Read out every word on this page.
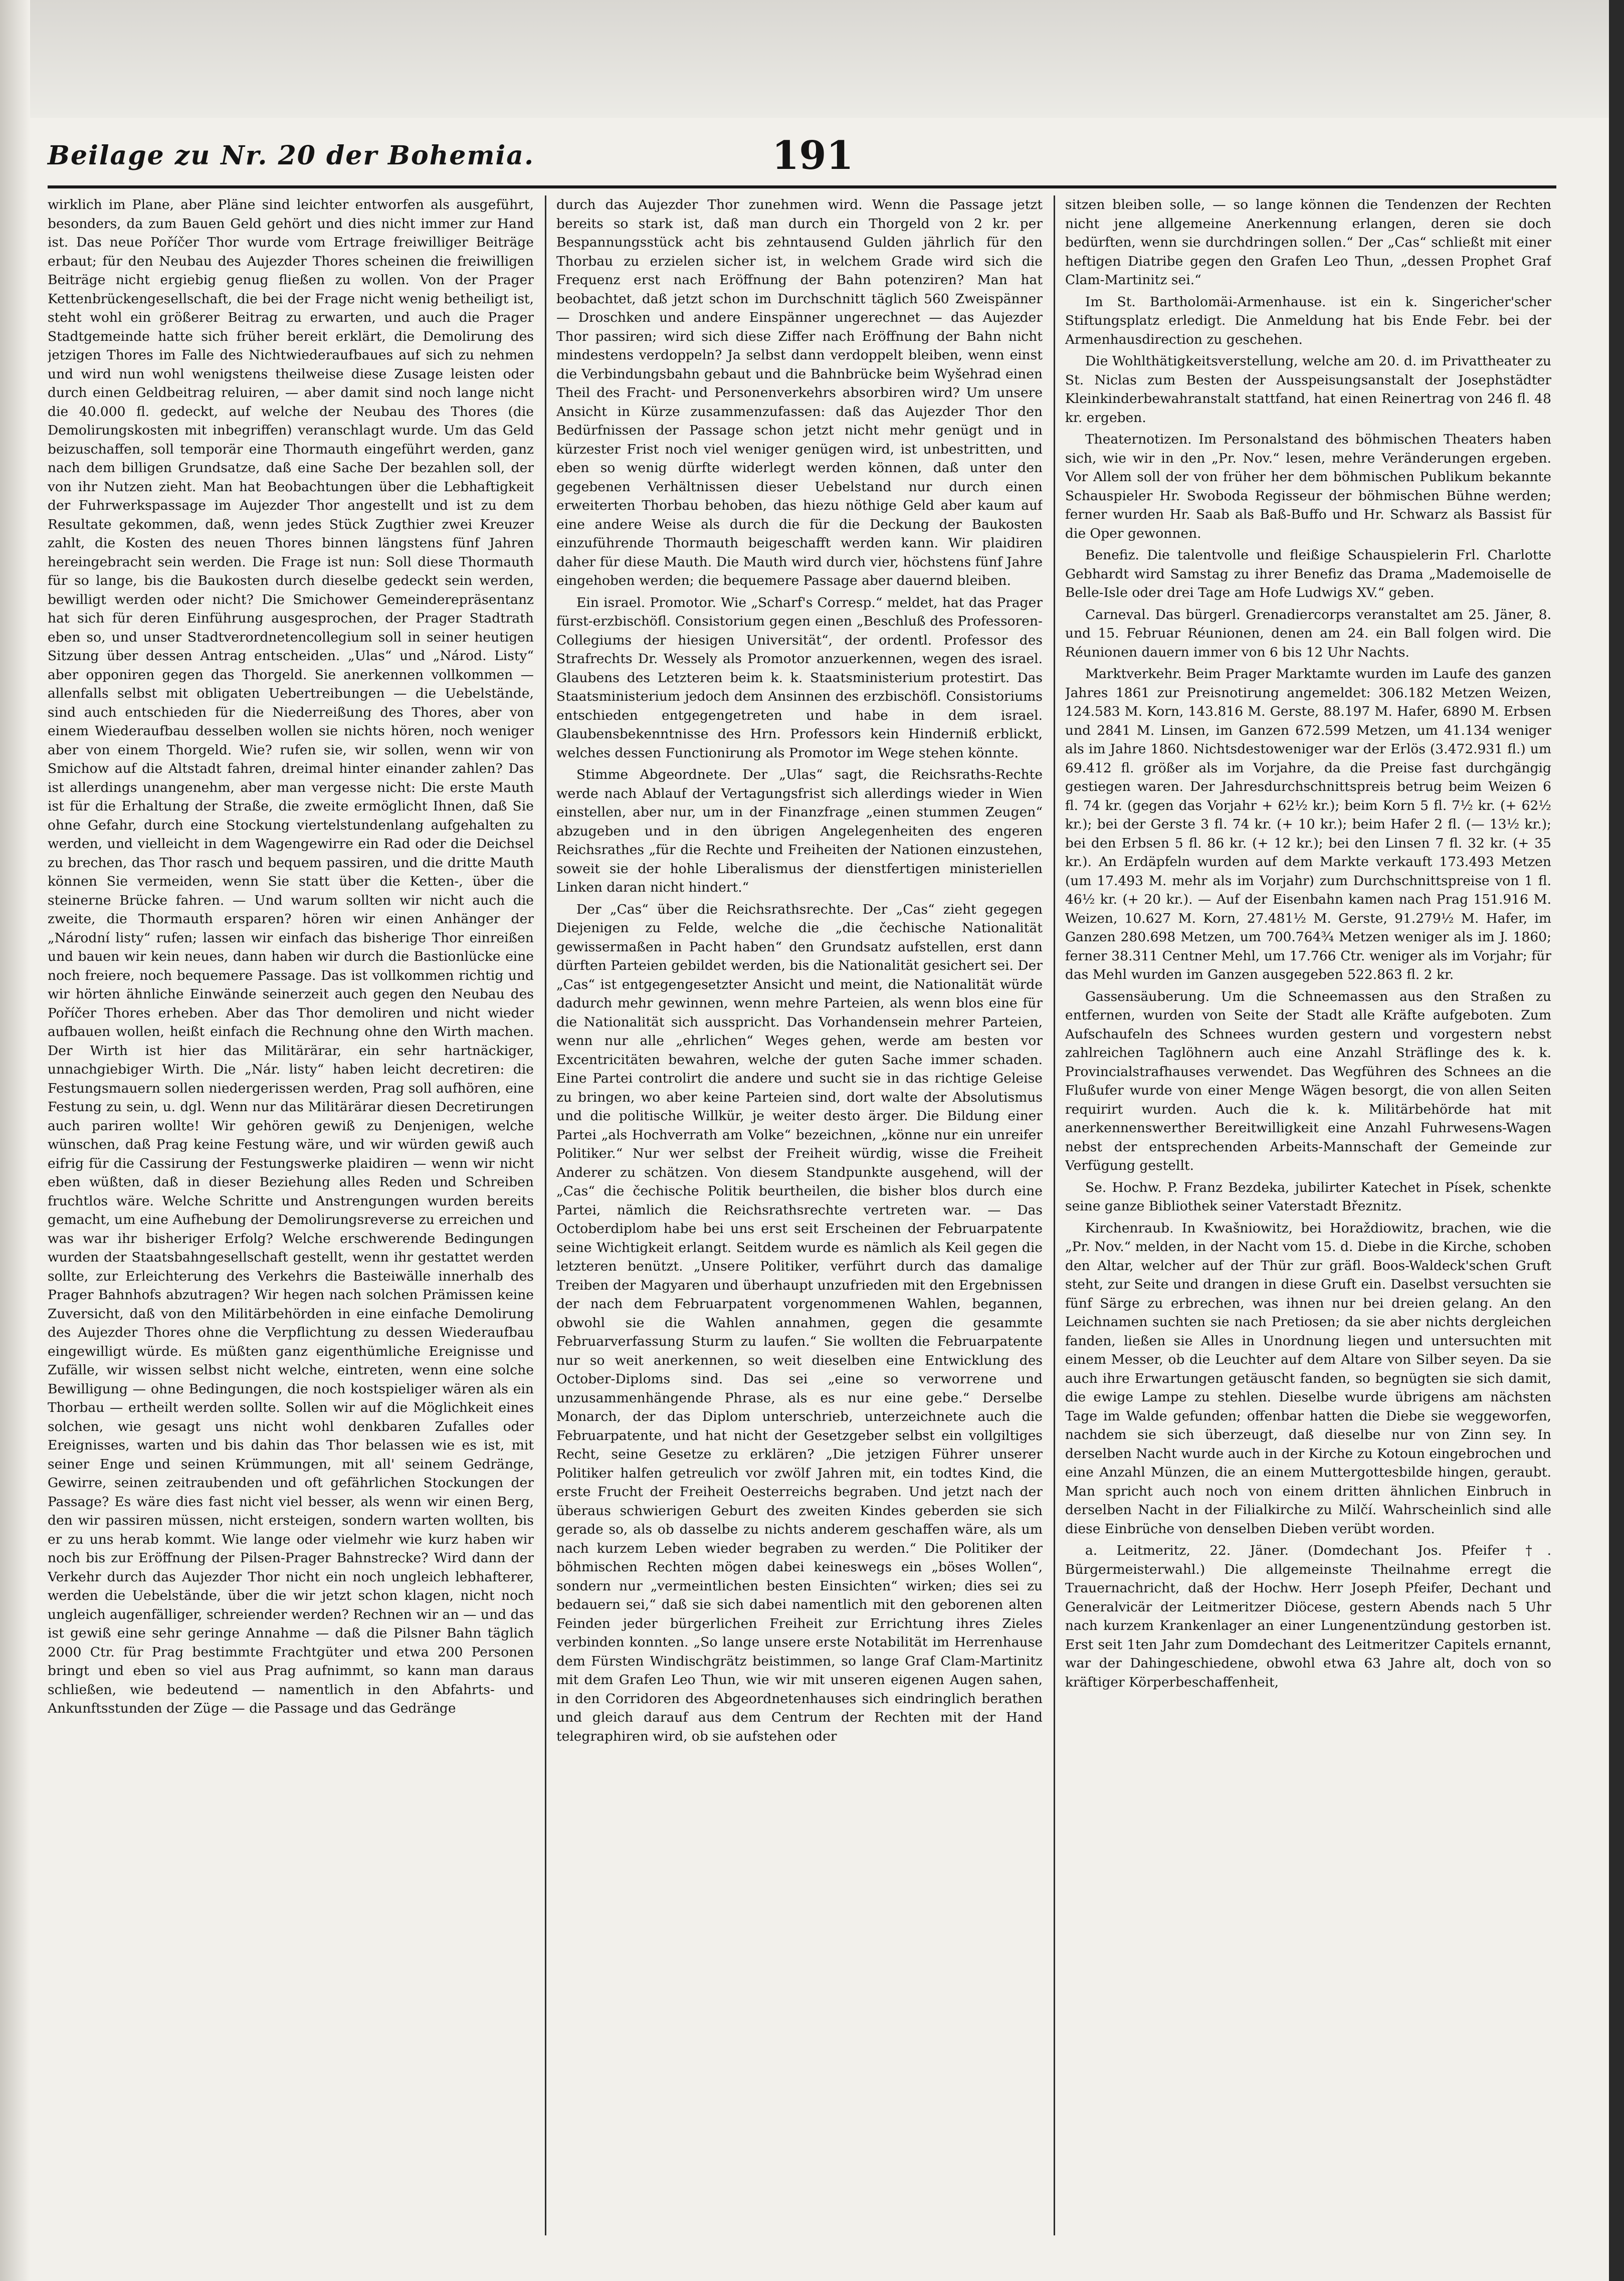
Beilage zu Nr. 20 der Bohemia.	191

wirklich im Plane, aber Pläne sind leichter entworfen als ausgeführt, besonders, da zum Bauen Geld gehört und dies nicht immer zur Hand ist. Das neue Poříčer Thor wurde vom Ertrage freiwilliger Beiträge erbaut; für den Neubau des Aujezder Thores scheinen die freiwilligen Beiträge nicht ergiebig genug fließen zu wollen. Von der Prager Kettenbrückengesellschaft, die bei der Frage nicht wenig betheiligt ist, steht wohl ein größerer Beitrag zu erwarten, und auch die Prager Stadtgemeinde hatte sich früher bereit erklärt, die Demolirung des jetzigen Thores im Falle des Nichtwiederaufbaues auf sich zu nehmen und wird nun wohl wenigstens theilweise diese Zusage leisten oder durch einen Geldbeitrag reluiren, — aber damit sind noch lange nicht die 40.000 fl. gedeckt, auf welche der Neubau des Thores (die Demolirungskosten mit inbegriffen) veranschlagt wurde. Um das Geld beizuschaffen, soll temporär eine Thormauth eingeführt werden, ganz nach dem billigen Grundsatze, daß eine Sache Der bezahlen soll, der von ihr Nutzen zieht. Man hat Beobachtungen über die Lebhaftigkeit der Fuhrwerkspassage im Aujezder Thor angestellt und ist zu dem Resultate gekommen, daß, wenn jedes Stück Zugthier zwei Kreuzer zahlt, die Kosten des neuen Thores binnen längstens fünf Jahren hereingebracht sein werden. Die Frage ist nun: Soll diese Thormauth für so lange, bis die Baukosten durch dieselbe gedeckt sein werden, bewilligt werden oder nicht? Die Smichower Gemeinderepräsentanz hat sich für deren Einführung ausgesprochen, der Prager Stadtrath eben so, und unser Stadtverordnetencollegium soll in seiner heutigen Sitzung über dessen Antrag entscheiden. „Ulas“ und „Národ. Listy“ aber opponiren gegen das Thorgeld. Sie anerkennen vollkommen — allenfalls selbst mit obligaten Uebertreibungen — die Uebelstände, sind auch entschieden für die Niederreißung des Thores, aber von einem Wiederaufbau desselben wollen sie nichts hören, noch weniger aber von einem Thorgeld. Wie? rufen sie, wir sollen, wenn wir von Smichow auf die Altstadt fahren, dreimal hinter einander zahlen? Das ist allerdings unangenehm, aber man vergesse nicht: Die erste Mauth ist für die Erhaltung der Straße, die zweite ermöglicht Ihnen, daß Sie ohne Gefahr, durch eine Stockung viertelstundenlang aufgehalten zu werden, und vielleicht in dem Wagengewirre ein Rad oder die Deichsel zu brechen, das Thor rasch und bequem passiren, und die dritte Mauth können Sie vermeiden, wenn Sie statt über die Ketten-, über die steinerne Brücke fahren. — Und warum sollten wir nicht auch die zweite, die Thormauth ersparen? hören wir einen Anhänger der „Národní listy“ rufen; lassen wir einfach das bisherige Thor einreißen und bauen wir kein neues, dann haben wir durch die Bastionlücke eine noch freiere, noch bequemere Passage. Das ist vollkommen richtig und wir hörten ähnliche Einwände seinerzeit auch gegen den Neubau des Poříčer Thores erheben. Aber das Thor demoliren und nicht wieder aufbauen wollen, heißt einfach die Rechnung ohne den Wirth machen. Der Wirth ist hier das Militärärar, ein sehr hartnäckiger, unnachgiebiger Wirth. Die „Nár. listy“ haben leicht decretiren: die Festungsmauern sollen niedergerissen werden, Prag soll aufhören, eine Festung zu sein, u. dgl. Wenn nur das Militärärar diesen Decretirungen auch pariren wollte! Wir gehören gewiß zu Denjenigen, welche wünschen, daß Prag keine Festung wäre, und wir würden gewiß auch eifrig für die Cassirung der Festungswerke plaidiren — wenn wir nicht eben wüßten, daß in dieser Beziehung alles Reden und Schreiben fruchtlos wäre. Welche Schritte und Anstrengungen wurden bereits gemacht, um eine Aufhebung der Demolirungsreverse zu erreichen und was war ihr bisheriger Erfolg? Welche erschwerende Bedingungen wurden der Staatsbahngesellschaft gestellt, wenn ihr gestattet werden sollte, zur Erleichterung des Verkehrs die Basteiwälle innerhalb des Prager Bahnhofs abzutragen? Wir hegen nach solchen Prämissen keine Zuversicht, daß von den Militärbehörden in eine einfache Demolirung des Aujezder Thores ohne die Verpflichtung zu dessen Wiederaufbau eingewilligt würde. Es müßten ganz eigenthümliche Ereignisse und Zufälle, wir wissen selbst nicht welche, eintreten, wenn eine solche Bewilligung — ohne Bedingungen, die noch kostspieliger wären als ein Thorbau — ertheilt werden sollte. Sollen wir auf die Möglichkeit eines solchen, wie gesagt uns nicht wohl denkbaren Zufalles oder Ereignisses, warten und bis dahin das Thor belassen wie es ist, mit seiner Enge und seinen Krümmungen, mit all' seinem Gedränge, Gewirre, seinen zeitraubenden und oft gefährlichen Stockungen der Passage? Es wäre dies fast nicht viel besser, als wenn wir einen Berg, den wir passiren müssen, nicht ersteigen, sondern warten wollten, bis er zu uns herab kommt. Wie lange oder vielmehr wie kurz haben wir noch bis zur Eröffnung der Pilsen-Prager Bahnstrecke? Wird dann der Verkehr durch das Aujezder Thor nicht ein noch ungleich lebhafterer, werden die Uebelstände, über die wir jetzt schon klagen, nicht noch ungleich augenfälliger, schreiender werden? Rechnen wir an — und das ist gewiß eine sehr geringe Annahme — daß die Pilsner Bahn täglich 2000 Ctr. für Prag bestimmte Frachtgüter und etwa 200 Personen bringt und eben so viel aus Prag aufnimmt, so kann man daraus schließen, wie bedeutend — namentlich in den Abfahrts- und Ankunftsstunden der Züge — die Passage und das Gedränge

durch das Aujezder Thor zunehmen wird. Wenn die Passage jetzt bereits so stark ist, daß man durch ein Thorgeld von 2 kr. per Bespannungsstück acht bis zehntausend Gulden jährlich für den Thorbau zu erzielen sicher ist, in welchem Grade wird sich die Frequenz erst nach Eröffnung der Bahn potenziren? Man hat beobachtet, daß jetzt schon im Durchschnitt täglich 560 Zweispänner — Droschken und andere Einspänner ungerechnet — das Aujezder Thor passiren; wird sich diese Ziffer nach Eröffnung der Bahn nicht mindestens verdoppeln? Ja selbst dann verdoppelt bleiben, wenn einst die Verbindungsbahn gebaut und die Bahnbrücke beim Wyšehrad einen Theil des Fracht- und Personenverkehrs absorbiren wird? Um unsere Ansicht in Kürze zusammenzufassen: daß das Aujezder Thor den Bedürfnissen der Passage schon jetzt nicht mehr genügt und in kürzester Frist noch viel weniger genügen wird, ist unbestritten, und eben so wenig dürfte widerlegt werden können, daß unter den gegebenen Verhältnissen dieser Uebelstand nur durch einen erweiterten Thorbau behoben, das hiezu nöthige Geld aber kaum auf eine andere Weise als durch die für die Deckung der Baukosten einzuführende Thormauth beigeschafft werden kann. Wir plaidiren daher für diese Mauth. Die Mauth wird durch vier, höchstens fünf Jahre eingehoben werden; die bequemere Passage aber dauernd bleiben.

Ein israel. Promotor. Wie „Scharf's Corresp.“ meldet, hat das Prager fürst-erzbischöfl. Consistorium gegen einen „Beschluß des Professoren-Collegiums der hiesigen Universität“, der ordentl. Professor des Strafrechts Dr. Wessely als Promotor anzuerkennen, wegen des israel. Glaubens des Letzteren beim k. k. Staatsministerium protestirt. Das Staatsministerium jedoch dem Ansinnen des erzbischöfl. Consistoriums entschieden entgegengetreten und habe in dem israel. Glaubensbekenntnisse des Hrn. Professors kein Hinderniß erblickt, welches dessen Functionirung als Promotor im Wege stehen könnte.

Stimme Abgeordnete. Der „Ulas“ sagt, die Reichsraths-Rechte werde nach Ablauf der Vertagungsfrist sich allerdings wieder in Wien einstellen, aber nur, um in der Finanzfrage „einen stummen Zeugen“ abzugeben und in den übrigen Angelegenheiten des engeren Reichsrathes „für die Rechte und Freiheiten der Nationen einzustehen, soweit sie der hohle Liberalismus der dienstfertigen ministeriellen Linken daran nicht hindert.“

Der „Cas“ über die Reichsrathsrechte. Der „Cas“ zieht gegegen Diejenigen zu Felde, welche die „die čechische Nationalität gewissermaßen in Pacht haben“ den Grundsatz aufstellen, erst dann dürften Parteien gebildet werden, bis die Nationalität gesichert sei. Der „Cas“ ist entgegengesetzter Ansicht und meint, die Nationalität würde dadurch mehr gewinnen, wenn mehre Parteien, als wenn blos eine für die Nationalität sich ausspricht. Das Vorhandensein mehrer Parteien, wenn nur alle „ehrlichen“ Weges gehen, werde am besten vor Excentricitäten bewahren, welche der guten Sache immer schaden. Eine Partei controlirt die andere und sucht sie in das richtige Geleise zu bringen, wo aber keine Parteien sind, dort walte der Absolutismus und die politische Willkür, je weiter desto ärger. Die Bildung einer Partei „als Hochverrath am Volke“ bezeichnen, „könne nur ein unreifer Politiker.“ Nur wer selbst der Freiheit würdig, wisse die Freiheit Anderer zu schätzen. Von diesem Standpunkte ausgehend, will der „Cas“ die čechische Politik beurtheilen, die bisher blos durch eine Partei, nämlich die Reichsrathsrechte vertreten war. — Das Octoberdiplom habe bei uns erst seit Erscheinen der Februarpatente seine Wichtigkeit erlangt. Seitdem wurde es nämlich als Keil gegen die letzteren benützt. „Unsere Politiker, verführt durch das damalige Treiben der Magyaren und überhaupt unzufrieden mit den Ergebnissen der nach dem Februarpatent vorgenommenen Wahlen, begannen, obwohl sie die Wahlen annahmen, gegen die gesammte Februarverfassung Sturm zu laufen.“ Sie wollten die Februarpatente nur so weit anerkennen, so weit dieselben eine Entwicklung des October-Diploms sind. Das sei „eine so verworrene und unzusammenhängende Phrase, als es nur eine gebe.“ Derselbe Monarch, der das Diplom unterschrieb, unterzeichnete auch die Februarpatente, und hat nicht der Gesetzgeber selbst ein vollgiltiges Recht, seine Gesetze zu erklären? „Die jetzigen Führer unserer Politiker halfen getreulich vor zwölf Jahren mit, ein todtes Kind, die erste Frucht der Freiheit Oesterreichs begraben. Und jetzt nach der überaus schwierigen Geburt des zweiten Kindes geberden sie sich gerade so, als ob dasselbe zu nichts anderem geschaffen wäre, als um nach kurzem Leben wieder begraben zu werden.“ Die Politiker der böhmischen Rechten mögen dabei keineswegs ein „böses Wollen“, sondern nur „vermeintlichen besten Einsichten“ wirken; dies sei zu bedauern sei,“ daß sie sich dabei namentlich mit den geborenen alten Feinden jeder bürgerlichen Freiheit zur Errichtung ihres Zieles verbinden konnten. „So lange unsere erste Notabilität im Herrenhause dem Fürsten Windischgrätz beistimmen, so lange Graf Clam-Martinitz mit dem Grafen Leo Thun, wie wir mit unseren eigenen Augen sahen, in den Corridoren des Abgeordnetenhauses sich eindringlich berathen und gleich darauf aus dem Centrum der Rechten mit der Hand telegraphiren wird, ob sie aufstehen oder

sitzen bleiben solle, — so lange können die Tendenzen der Rechten nicht jene allgemeine Anerkennung erlangen, deren sie doch bedürften, wenn sie durchdringen sollen.“ Der „Cas“ schließt mit einer heftigen Diatribe gegen den Grafen Leo Thun, „dessen Prophet Graf Clam-Martinitz sei.“

Im St. Bartholomäi-Armenhause. ist ein k. Singericher'scher Stiftungsplatz erledigt. Die Anmeldung hat bis Ende Febr. bei der Armenhausdirection zu geschehen.

Die Wohlthätigkeitsverstellung, welche am 20. d. im Privattheater zu St. Niclas zum Besten der Ausspeisungsanstalt der Josephstädter Kleinkinderbewahranstalt stattfand, hat einen Reinertrag von 246 fl. 48 kr. ergeben.

Theaternotizen. Im Personalstand des böhmischen Theaters haben sich, wie wir in den „Pr. Nov.“ lesen, mehre Veränderungen ergeben. Vor Allem soll der von früher her dem böhmischen Publikum bekannte Schauspieler Hr. Swoboda Regisseur der böhmischen Bühne werden; ferner wurden Hr. Saab als Baß-Buffo und Hr. Schwarz als Bassist für die Oper gewonnen.

Benefiz. Die talentvolle und fleißige Schauspielerin Frl. Charlotte Gebhardt wird Samstag zu ihrer Benefiz das Drama „Mademoiselle de Belle-Isle oder drei Tage am Hofe Ludwigs XV.“ geben.

Carneval. Das bürgerl. Grenadiercorps veranstaltet am 25. Jäner, 8. und 15. Februar Réunionen, denen am 24. ein Ball folgen wird. Die Réunionen dauern immer von 6 bis 12 Uhr Nachts.

Marktverkehr. Beim Prager Marktamte wurden im Laufe des ganzen Jahres 1861 zur Preisnotirung angemeldet: 306.182 Metzen Weizen, 124.583 M. Korn, 143.816 M. Gerste, 88.197 M. Hafer, 6890 M. Erbsen und 2841 M. Linsen, im Ganzen 672.599 Metzen, um 41.134 weniger als im Jahre 1860. Nichtsdestoweniger war der Erlös (3.472.931 fl.) um 69.412 fl. größer als im Vorjahre, da die Preise fast durchgängig gestiegen waren. Der Jahresdurchschnittspreis betrug beim Weizen 6 fl. 74 kr. (gegen das Vorjahr + 62½ kr.); beim Korn 5 fl. 7½ kr. (+ 62½ kr.); bei der Gerste 3 fl. 74 kr. (+ 10 kr.); beim Hafer 2 fl. (— 13½ kr.); bei den Erbsen 5 fl. 86 kr. (+ 12 kr.); bei den Linsen 7 fl. 32 kr. (+ 35 kr.). An Erdäpfeln wurden auf dem Markte verkauft 173.493 Metzen (um 17.493 M. mehr als im Vorjahr) zum Durchschnittspreise von 1 fl. 46½ kr. (+ 20 kr.). — Auf der Eisenbahn kamen nach Prag 151.916 M. Weizen, 10.627 M. Korn, 27.481½ M. Gerste, 91.279½ M. Hafer, im Ganzen 280.698 Metzen, um 700.764¾ Metzen weniger als im J. 1860; ferner 38.311 Centner Mehl, um 17.766 Ctr. weniger als im Vorjahr; für das Mehl wurden im Ganzen ausgegeben 522.863 fl. 2 kr.

Gassensäuberung. Um die Schneemassen aus den Straßen zu entfernen, wurden von Seite der Stadt alle Kräfte aufgeboten. Zum Aufschaufeln des Schnees wurden gestern und vorgestern nebst zahlreichen Taglöhnern auch eine Anzahl Sträflinge des k. k. Provincialstrafhauses verwendet. Das Wegführen des Schnees an die Flußufer wurde von einer Menge Wägen besorgt, die von allen Seiten requirirt wurden. Auch die k. k. Militärbehörde hat mit anerkennenswerther Bereitwilligkeit eine Anzahl Fuhrwesens-Wagen nebst der entsprechenden Arbeits-Mannschaft der Gemeinde zur Verfügung gestellt.

Se. Hochw. P. Franz Bezdeka, jubilirter Katechet in Písek, schenkte seine ganze Bibliothek seiner Vaterstadt Březnitz.

Kirchenraub. In Kwašniowitz, bei Horaždiowitz, brachen, wie die „Pr. Nov.“ melden, in der Nacht vom 15. d. Diebe in die Kirche, schoben den Altar, welcher auf der Thür zur gräfl. Boos-Waldeck'schen Gruft steht, zur Seite und drangen in diese Gruft ein. Daselbst versuchten sie fünf Särge zu erbrechen, was ihnen nur bei dreien gelang. An den Leichnamen suchten sie nach Pretiosen; da sie aber nichts dergleichen fanden, ließen sie Alles in Unordnung liegen und untersuchten mit einem Messer, ob die Leuchter auf dem Altare von Silber seyen. Da sie auch ihre Erwartungen getäuscht fanden, so begnügten sie sich damit, die ewige Lampe zu stehlen. Dieselbe wurde übrigens am nächsten Tage im Walde gefunden; offenbar hatten die Diebe sie weggeworfen, nachdem sie sich überzeugt, daß dieselbe nur von Zinn sey. In derselben Nacht wurde auch in der Kirche zu Kotoun eingebrochen und eine Anzahl Münzen, die an einem Muttergottesbilde hingen, geraubt. Man spricht auch noch von einem dritten ähnlichen Einbruch in derselben Nacht in der Filialkirche zu Milčí. Wahrscheinlich sind alle diese Einbrüche von denselben Dieben verübt worden.

a. Leitmeritz, 22. Jäner. (Domdechant Jos. Pfeifer †. Bürgermeisterwahl.) Die allgemeinste Theilnahme erregt die Trauernachricht, daß der Hochw. Herr Joseph Pfeifer, Dechant und Generalvicär der Leitmeritzer Diöcese, gestern Abends nach 5 Uhr nach kurzem Krankenlager an einer Lungenentzündung gestorben ist. Erst seit 1ten Jahr zum Domdechant des Leitmeritzer Capitels ernannt, war der Dahingeschiedene, obwohl etwa 63 Jahre alt, doch von so kräftiger Körperbeschaffenheit,
